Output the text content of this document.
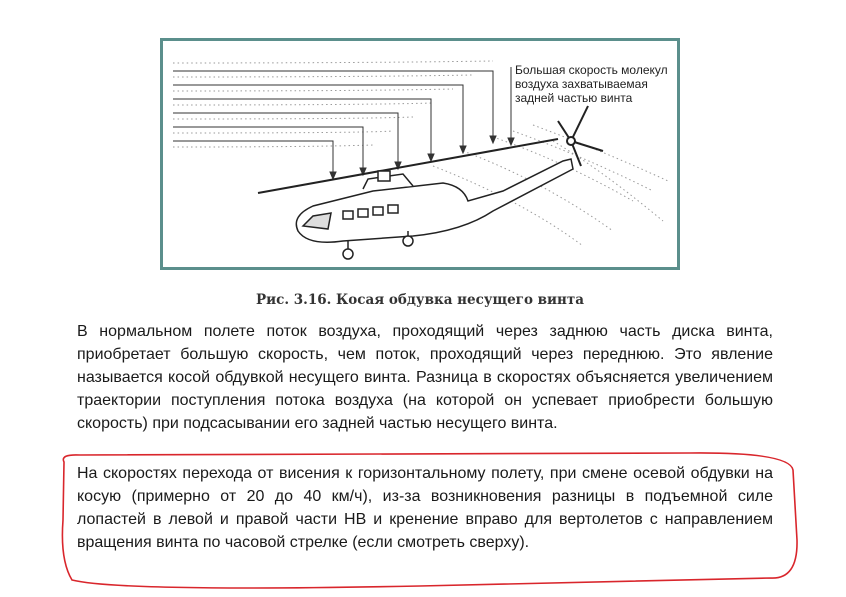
Большая скорость молекул
воздуха захватываемая
задней частью винта
Рис. 3.16. Косая обдувка несущего винта
В нормальном полете поток воздуха, проходящий через заднюю часть диска винта, приобретает большую скорость, чем поток, проходящий через переднюю. Это явление называется косой обдувкой несущего винта. Разница в скоростях объясняется увеличением траектории поступления потока воздуха (на которой он успевает приобрести большую скорость) при подсасывании его задней частью несущего винта.
На скоростях перехода от висения к горизонтальному полету, при смене осевой обдувки на косую (примерно от 20 до 40 км/ч), из-за возникновения разницы в подъемной силе лопастей в левой и правой части НВ и кренение вправо для вертолетов с направлением вращения винта по часовой стрелке (если смотреть сверху).
